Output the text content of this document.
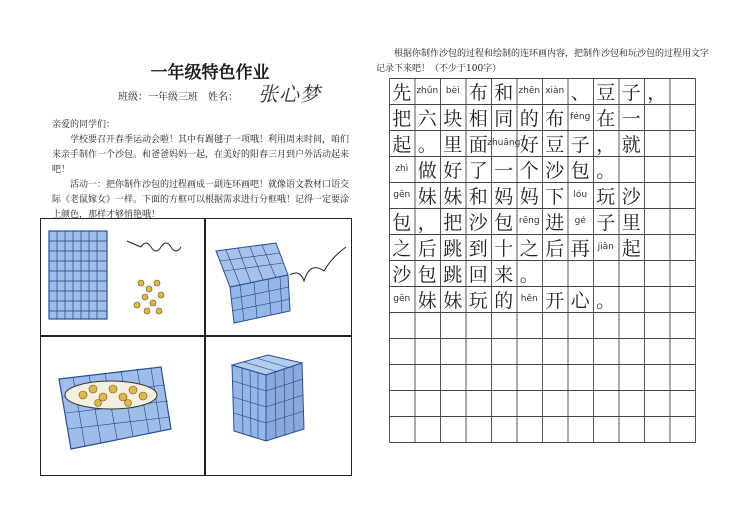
一年级特色作业
班级：一年级三班 姓名： 张心梦

亲爱的同学们：

学校要召开春季运动会啦！其中有踢毽子一项哦！利用周末时间，咱们来亲手制作一个沙包。和爸爸妈妈一起，在美好的阳春三月到户外活动起来吧！

活动一：把你制作沙包的过程画成一副连环画吧！就像语文教材口语交际《老鼠嫁女》一样。下面的方框可以根据需求进行分框哦！记得一定要涂上颜色，那样才够悄艳哦！

根据你制作沙包的过程和绘制的连环画内容，把制作沙包和玩沙包的过程用文字记录下来吧！（不少于100字）

先 zhǔn bèi 布 和 zhēn xiàn 、 豆 子 ，
把 六 块 相 同 的 布 féng 在 一
起 。 里 面 zhuāng 好 豆 子 ， 就
zhì 做 好 了 一 个 沙 包 。
gēn 妹 妹 和 妈 妈 下	lóu 玩 沙
包 ， 把 沙 包 rēng 进	gé 子 里
之 后 跳 到 十 之 后 再 jiǎn 起
沙 包 跳 回 来 。
gēn 妹 妹 玩 的 hěn 开 心 。
